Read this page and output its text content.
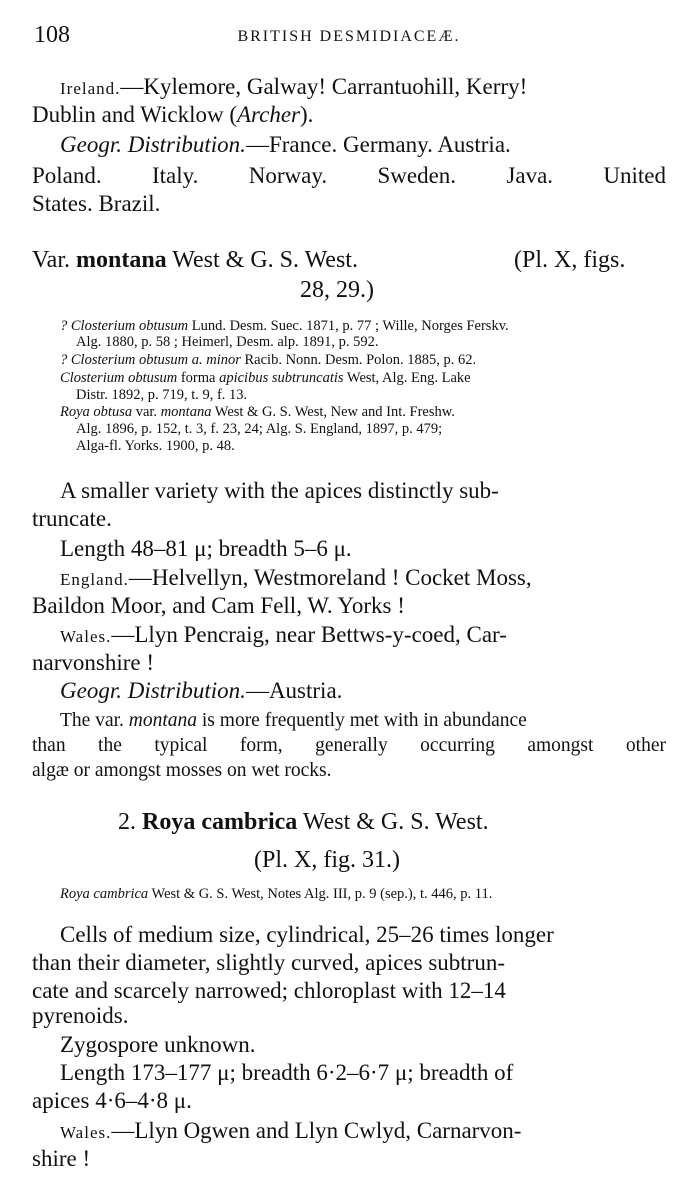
108	BRITISH DESMIDIACEÆ.
Ireland.—Kylemore, Galway! Carrantuohill, Kerry!
Dublin and Wicklow (Archer).
Geogr. Distribution.—France. Germany. Austria.
Poland. Italy. Norway. Sweden. Java. United
States. Brazil.
Var. montana West & G. S. West.	(Pl. X, figs.
28, 29.)
? Closterium obtusum Lund. Desm. Suec. 1871, p. 77 ; Wille, Norges Ferskv.
Alg. 1880, p. 58 ; Heimerl, Desm. alp. 1891, p. 592.
? Closterium obtusum a. minor Racib. Nonn. Desm. Polon. 1885, p. 62.
Closterium obtusum forma apicibus subtruncatis West, Alg. Eng. Lake
Distr. 1892, p. 719, t. 9, f. 13.
Roya obtusa var. montana West & G. S. West, New and Int. Freshw.
Alg. 1896, p. 152, t. 3, f. 23, 24; Alg. S. England, 1897, p. 479;
Alga-fl. Yorks. 1900, p. 48.
A smaller variety with the apices distinctly sub-
truncate.
Length 48–81 μ; breadth 5–6 μ.
England.—Helvellyn, Westmoreland ! Cocket Moss,
Baildon Moor, and Cam Fell, W. Yorks !
Wales.—Llyn Pencraig, near Bettws-y-coed, Car-
narvonshire !
Geogr. Distribution.—Austria.
The var. montana is more frequently met with in abundance
than the typical form, generally occurring amongst other
algæ or amongst mosses on wet rocks.
2. Roya cambrica West & G. S. West.
(Pl. X, fig. 31.)
Roya cambrica West & G. S. West, Notes Alg. III, p. 9 (sep.), t. 446, p. 11.
Cells of medium size, cylindrical, 25–26 times longer
than their diameter, slightly curved, apices subtrun-
cate and scarcely narrowed; chloroplast with 12–14
pyrenoids.
Zygospore unknown.
Length 173–177 μ; breadth 6·2–6·7 μ; breadth of
apices 4·6–4·8 μ.
Wales.—Llyn Ogwen and Llyn Cwlyd, Carnarvon-
shire !
